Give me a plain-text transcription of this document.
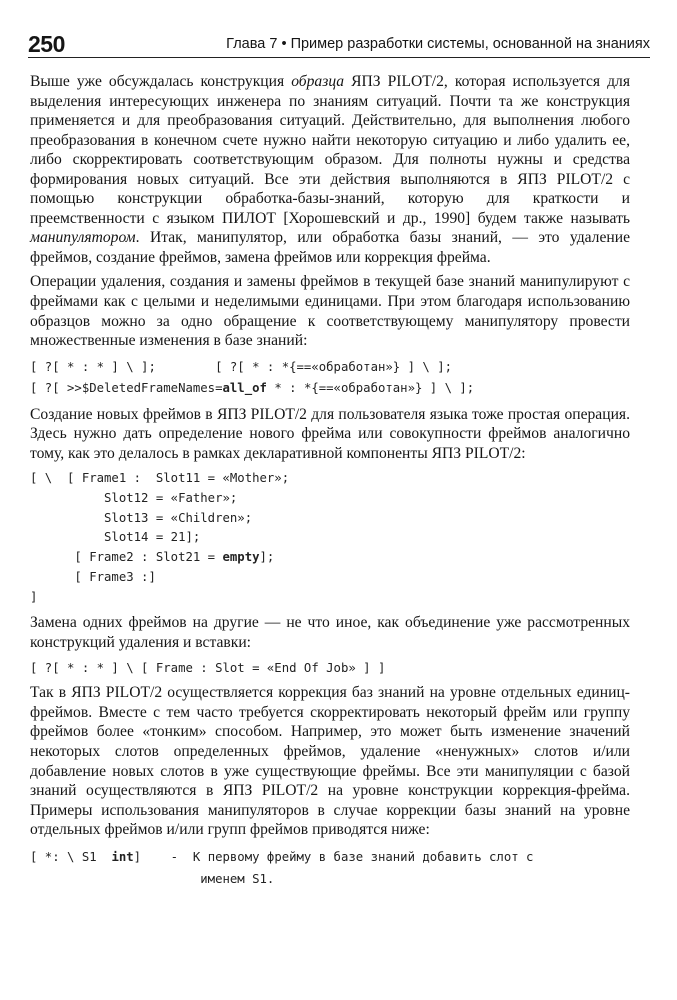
250	Глава 7 • Пример разработки системы, основанной на знаниях

Выше уже обсуждалась конструкция образца ЯПЗ PILOT/2, которая используется для выделения интересующих инженера по знаниям ситуаций. Почти та же конструкция применяется и для преобразования ситуаций. Действительно, для выполнения любого преобразования в конечном счете нужно найти некоторую ситуацию и либо удалить ее, либо скорректировать соответствующим образом. Для полноты нужны и средства формирования новых ситуаций. Все эти действия выполняются в ЯПЗ PILOT/2 с помощью конструкции обработка-базы-знаний, которую для краткости и преемственности с языком ПИЛОТ [Хорошевский и др., 1990] будем также называть манипулятором. Итак, манипулятор, или обработка базы знаний, — это удаление фреймов, создание фреймов, замена фреймов или коррекция фрейма.

Операции удаления, создания и замены фреймов в текущей базе знаний манипулируют с фреймами как с целыми и неделимыми единицами. При этом благодаря использованию образцов можно за одно обращение к соответствующему манипулятору провести множественные изменения в базе знаний:

[ ?[ * : * ] \ ];	[ ?[ * : *{==«обработан»} ] \ ];
[ ?[ >>$DeletedFrameNames=all_of * : *{==«обработан»} ] \ ];

Создание новых фреймов в ЯПЗ PILOT/2 для пользователя языка тоже простая операция. Здесь нужно дать определение нового фрейма или совокупности фреймов аналогично тому, как это делалось в рамках декларативной компоненты ЯПЗ PILOT/2:

[ \  [ Frame1 :  Slot11 = «Mother»;
Slot12 = «Father»;
Slot13 = «Children»;
Slot14 = 21];
[ Frame2 : Slot21 = empty];
[ Frame3 :]
]

Замена одних фреймов на другие — не что иное, как объединение уже рассмотренных конструкций удаления и вставки:

[ ?[ * : * ] \ [ Frame : Slot = «End Of Job» ] ]

Так в ЯПЗ PILOT/2 осуществляется коррекция баз знаний на уровне отдельных единиц-фреймов. Вместе с тем часто требуется скорректировать некоторый фрейм или группу фреймов более «тонким» способом. Например, это может быть изменение значений некоторых слотов определенных фреймов, удаление «ненужных» слотов и/или добавление новых слотов в уже существующие фреймы. Все эти манипуляции с базой знаний осуществляются в ЯПЗ PILOT/2 на уровне конструкции коррекция-фрейма. Примеры использования манипуляторов в случае коррекции базы знаний на уровне отдельных фреймов и/или групп фреймов приводятся ниже:

[ *: \ S1  int]    -  К первому фрейму в базе знаний добавить слот с
именем S1.
